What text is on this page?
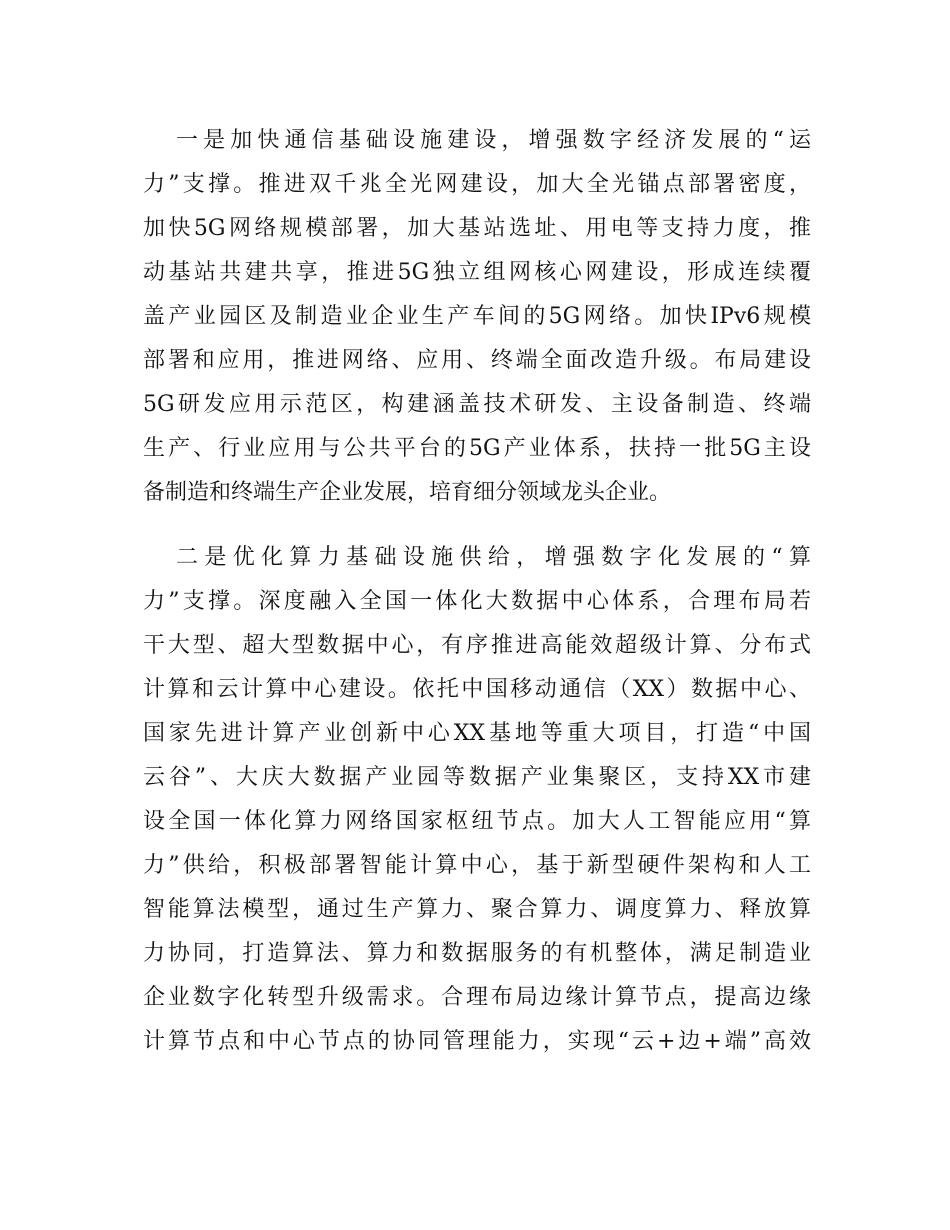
一是加快通信基础设施建设，增强数字经济发展的“运
力”支撑。推进双千兆全光网建设，加大全光锚点部署密度，
加快5G网络规模部署，加大基站选址、用电等支持力度，推
动基站共建共享，推进5G独立组网核心网建设，形成连续覆
盖产业园区及制造业企业生产车间的5G网络。加快IPv6规模
部署和应用，推进网络、应用、终端全面改造升级。布局建设
5G研发应用示范区，构建涵盖技术研发、主设备制造、终端
生产、行业应用与公共平台的5G产业体系，扶持一批5G主设
备制造和终端生产企业发展，培育细分领域龙头企业。
二是优化算力基础设施供给，增强数字化发展的“算
力”支撑。深度融入全国一体化大数据中心体系，合理布局若
干大型、超大型数据中心，有序推进高能效超级计算、分布式
计算和云计算中心建设。依托中国移动通信（XX）数据中心、
国家先进计算产业创新中心XX基地等重大项目，打造“中国
云谷”、大庆大数据产业园等数据产业集聚区，支持XX市建
设全国一体化算力网络国家枢纽节点。加大人工智能应用“算
力”供给，积极部署智能计算中心，基于新型硬件架构和人工
智能算法模型，通过生产算力、聚合算力、调度算力、释放算
力协同，打造算法、算力和数据服务的有机整体，满足制造业
企业数字化转型升级需求。合理布局边缘计算节点，提高边缘
计算节点和中心节点的协同管理能力，实现“云+边+端”高效
